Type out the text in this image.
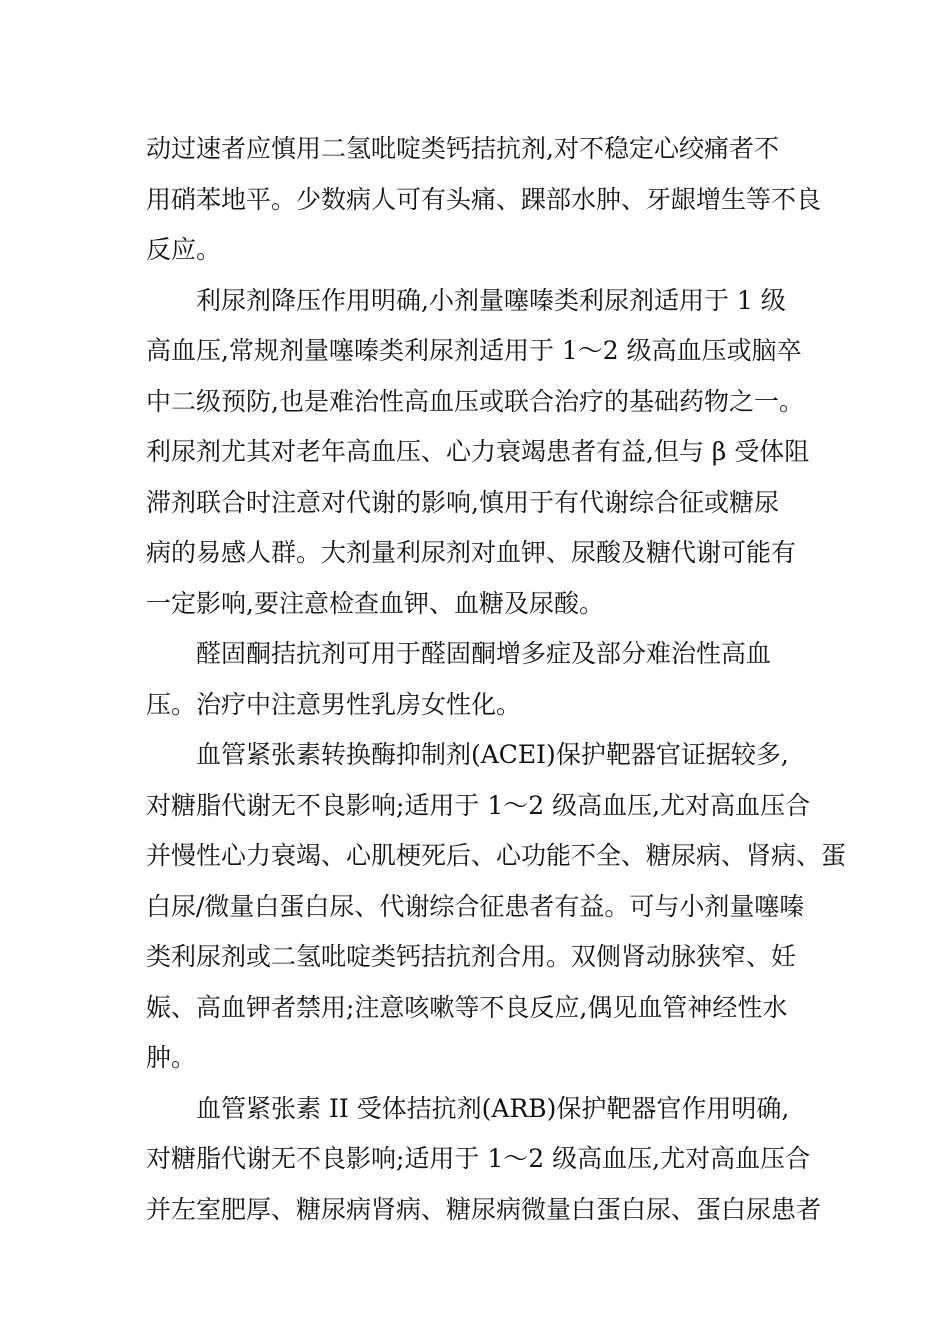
动过速者应慎用二氢吡啶类钙拮抗剂,对不稳定心绞痛者不
用硝苯地平。少数病人可有头痛、踝部水肿、牙龈增生等不良
反应。
利尿剂降压作用明确,小剂量噻嗪类利尿剂适用于 1 级
高血压,常规剂量噻嗪类利尿剂适用于 1～2 级高血压或脑卒
中二级预防,也是难治性高血压或联合治疗的基础药物之一。
利尿剂尤其对老年高血压、心力衰竭患者有益,但与 β 受体阻
滞剂联合时注意对代谢的影响,慎用于有代谢综合征或糖尿
病的易感人群。大剂量利尿剂对血钾、尿酸及糖代谢可能有
一定影响,要注意检查血钾、血糖及尿酸。
醛固酮拮抗剂可用于醛固酮增多症及部分难治性高血
压。治疗中注意男性乳房女性化。
血管紧张素转换酶抑制剂(ACEI)保护靶器官证据较多,
对糖脂代谢无不良影响;适用于 1～2 级高血压,尤对高血压合
并慢性心力衰竭、心肌梗死后、心功能不全、糖尿病、肾病、蛋
白尿/微量白蛋白尿、代谢综合征患者有益。可与小剂量噻嗪
类利尿剂或二氢吡啶类钙拮抗剂合用。双侧肾动脉狭窄、妊
娠、高血钾者禁用;注意咳嗽等不良反应,偶见血管神经性水
肿。
血管紧张素 II 受体拮抗剂(ARB)保护靶器官作用明确,
对糖脂代谢无不良影响;适用于 1～2 级高血压,尤对高血压合
并左室肥厚、糖尿病肾病、糖尿病微量白蛋白尿、蛋白尿患者
